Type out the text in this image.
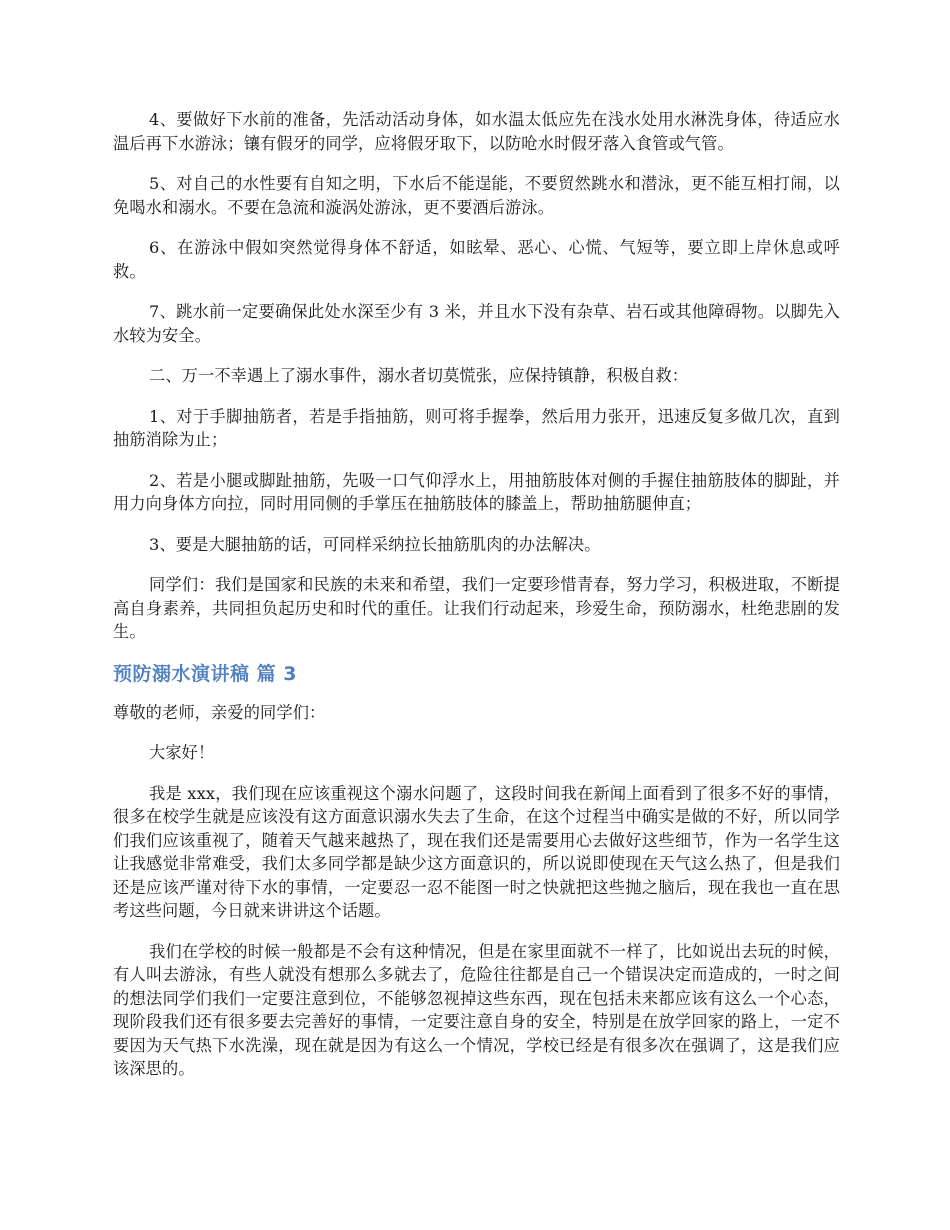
4、要做好下水前的准备，先活动活动身体，如水温太低应先在浅水处用水淋洗身体，待适应水温后再下水游泳；镶有假牙的同学，应将假牙取下，以防呛水时假牙落入食管或气管。

5、对自己的水性要有自知之明，下水后不能逞能，不要贸然跳水和潜泳，更不能互相打闹，以免喝水和溺水。不要在急流和漩涡处游泳，更不要酒后游泳。

6、在游泳中假如突然觉得身体不舒适，如眩晕、恶心、心慌、气短等，要立即上岸休息或呼救。

7、跳水前一定要确保此处水深至少有 3 米，并且水下没有杂草、岩石或其他障碍物。以脚先入水较为安全。

二、万一不幸遇上了溺水事件，溺水者切莫慌张，应保持镇静，积极自救：

1、对于手脚抽筋者，若是手指抽筋，则可将手握拳，然后用力张开，迅速反复多做几次，直到抽筋消除为止；

2、若是小腿或脚趾抽筋，先吸一口气仰浮水上，用抽筋肢体对侧的手握住抽筋肢体的脚趾，并用力向身体方向拉，同时用同侧的手掌压在抽筋肢体的膝盖上，帮助抽筋腿伸直；

3、要是大腿抽筋的话，可同样采纳拉长抽筋肌肉的办法解决。

同学们：我们是国家和民族的未来和希望，我们一定要珍惜青春，努力学习，积极进取，不断提高自身素养，共同担负起历史和时代的重任。让我们行动起来，珍爱生命，预防溺水，杜绝悲剧的发生。

预防溺水演讲稿 篇 3

尊敬的老师，亲爱的同学们：

大家好！

我是 xxx，我们现在应该重视这个溺水问题了，这段时间我在新闻上面看到了很多不好的事情，很多在校学生就是应该没有这方面意识溺水失去了生命，在这个过程当中确实是做的不好，所以同学们我们应该重视了，随着天气越来越热了，现在我们还是需要用心去做好这些细节，作为一名学生这让我感觉非常难受，我们太多同学都是缺少这方面意识的，所以说即使现在天气这么热了，但是我们还是应该严谨对待下水的事情，一定要忍一忍不能图一时之快就把这些抛之脑后，现在我也一直在思考这些问题，今日就来讲讲这个话题。

我们在学校的时候一般都是不会有这种情况，但是在家里面就不一样了，比如说出去玩的时候，有人叫去游泳，有些人就没有想那么多就去了，危险往往都是自己一个错误决定而造成的，一时之间的想法同学们我们一定要注意到位，不能够忽视掉这些东西，现在包括未来都应该有这么一个心态，现阶段我们还有很多要去完善好的事情，一定要注意自身的安全，特别是在放学回家的路上，一定不要因为天气热下水洗澡，现在就是因为有这么一个情况，学校已经是有很多次在强调了，这是我们应该深思的。
